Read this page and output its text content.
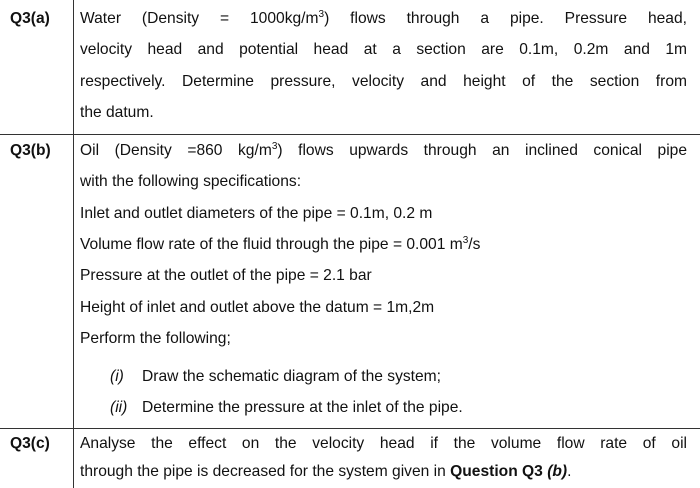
Q3(a) Water (Density = $1000kg/m^3$) flows through a pipe. Pressure head,
velocity head and potential head at a section are 0.1m, 0.2m and 1m
respectively. Determine pressure, velocity and height of the section from
the datum.
Q3(b) Oil (Density =860 $kg/m^3$) flows upwards through an inclined conical pipe
with the following specifications:
Inlet and outlet diameters of the pipe = 0.1m, 0.2 m
Volume flow rate of the fluid through the pipe = 0.001 $m^3/s$
Pressure at the outlet of the pipe = 2.1 bar
Height of inlet and outlet above the datum = 1m,2m
Perform the following;
(i) Draw the schematic diagram of the system;
(ii) Determine the pressure at the inlet of the pipe.
Q3(c) Analyse the effect on the velocity head if the volume flow rate of oil
through the pipe is decreased for the system given in Question Q3 (b).
